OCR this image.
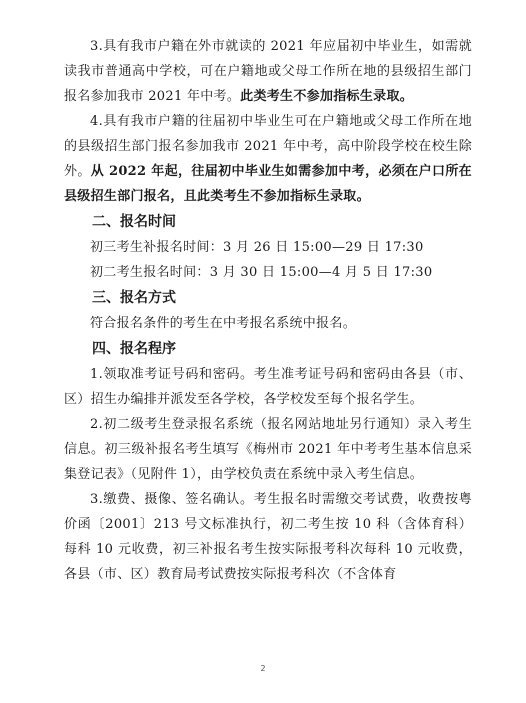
3.具有我市户籍在外市就读的 2021 年应届初中毕业生，如需就读我市普通高中学校，可在户籍地或父母工作所在地的县级招生部门报名参加我市 2021 年中考。此类考生不参加指标生录取。

4.具有我市户籍的往届初中毕业生可在户籍地或父母工作所在地的县级招生部门报名参加我市 2021 年中考，高中阶段学校在校生除外。从 2022 年起，往届初中毕业生如需参加中考，必须在户口所在县级招生部门报名，且此类考生不参加指标生录取。

二、报名时间

初三考生补报名时间：3 月 26 日 15:00—29 日 17:30

初二考生报名时间：3 月 30 日 15:00—4 月 5 日 17:30

三、报名方式

符合报名条件的考生在中考报名系统中报名。

四、报名程序

1.领取准考证号码和密码。考生准考证号码和密码由各县（市、区）招生办编排并派发至各学校，各学校发至每个报名学生。

2.初二级考生登录报名系统（报名网站地址另行通知）录入考生信息。初三级补报名考生填写《梅州市 2021 年中考考生基本信息采集登记表》（见附件 1），由学校负责在系统中录入考生信息。

3.缴费、摄像、签名确认。考生报名时需缴交考试费，收费按粤价函〔2001〕213 号文标准执行，初二考生按 10 科（含体育科）每科 10 元收费，初三补报名考生按实际报考科次每科 10 元收费，各县（市、区）教育局考试费按实际报考科次（不含体育

2
